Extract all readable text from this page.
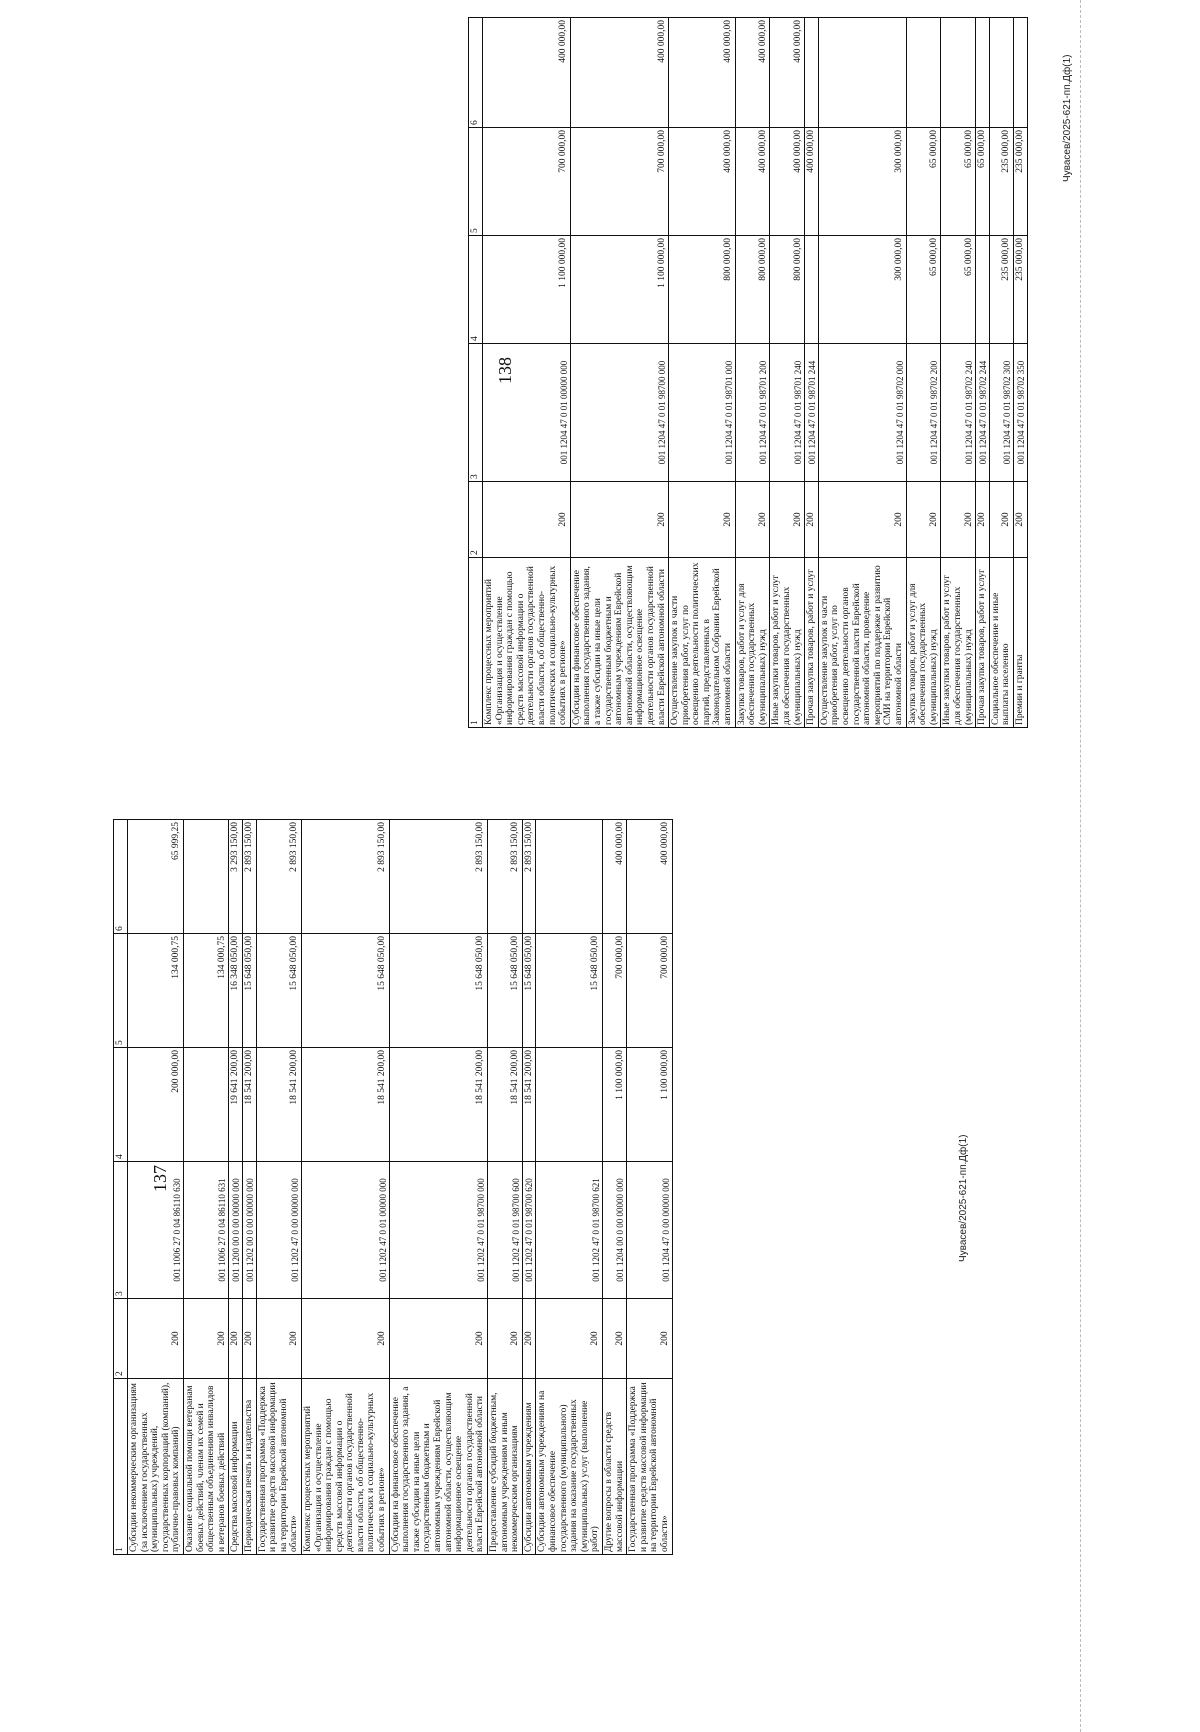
137
1	2	3	4	5	6
Субсидии некоммерческим организациям (за исключением государственных (муниципальных) учреждений, государственных корпораций (компаний), публично-правовых компаний)	200	001 1006 27 0 04 86110 630	200 000,00	134 000,75	65 999,25
Оказание социальной помощи ветеранам боевых действий, членам их семей и общественным объединениям инвалидов и ветеранов боевых действий	200	001 1006 27 0 04 86110 631		134 000,75	
Средства массовой информации	200	001 1200 00 0 00 00000 000	19 641 200,00	16 348 050,00	3 293 150,00
Периодическая печать и издательства	200	001 1202 00 0 00 00000 000	18 541 200,00	15 648 050,00	2 893 150,00
Государственная программа «Поддержка и развитие средств массовой информации на территории Еврейской автономной области»	200	001 1202 47 0 00 00000 000	18 541 200,00	15 648 050,00	2 893 150,00
Комплекс процессных мероприятий «Организация и осуществление информирования граждан с помощью средств массовой информации о деятельности органов государственной власти области, об общественно-политических и социально-культурных событиях в регионе»	200	001 1202 47 0 01 00000 000	18 541 200,00	15 648 050,00	2 893 150,00
Субсидии на финансовое обеспечение выполнения государственного задания, а также субсидии на иные цели государственным бюджетным и автономным учреждениям Еврейской автономной области, осуществляющим информационное освещение деятельности органов государственной власти Еврейской автономной области	200	001 1202 47 0 01 98700 000	18 541 200,00	15 648 050,00	2 893 150,00
Предоставление субсидий бюджетным, автономным учреждениям и иным некоммерческим организациям	200	001 1202 47 0 01 98700 600	18 541 200,00	15 648 050,00	2 893 150,00
Субсидии автономным учреждениям	200	001 1202 47 0 01 98700 620	18 541 200,00	15 648 050,00	2 893 150,00
Субсидии автономным учреждениям на финансовое обеспечение государственного (муниципального) задания на оказание государственных (муниципальных) услуг (выполнение работ)	200	001 1202 47 0 01 98700 621		15 648 050,00	
Другие вопросы в области средств массовой информации	200	001 1204 00 0 00 00000 000	1 100 000,00	700 000,00	400 000,00
Государственная программа «Поддержка и развитие средств массовой информации на территории Еврейской автономной области»	200	001 1204 47 0 00 00000 000	1 100 000,00	700 000,00	400 000,00
Чувасев/2025-621-пп.Дф(1)
138
1	2	3	4	5	6
Комплекс процессных мероприятий «Организация и осуществление информирования граждан с помощью средств массовой информации о деятельности органов государственной власти области, об общественно-политических и социально-культурных событиях в регионе»	200	001 1204 47 0 01 00000 000	1 100 000,00	700 000,00	400 000,00
Субсидии на финансовое обеспечение выполнения государственного задания, а также субсидии на иные цели государственным бюджетным и автономным учреждениям Еврейской автономной области, осуществляющим информационное освещение деятельности органов государственной власти Еврейской автономной области	200	001 1204 47 0 01 98700 000	1 100 000,00	700 000,00	400 000,00
Осуществление закупок в части приобретения работ, услуг по освещению деятельности политических партий, представленных в Законодательном Собрании Еврейской автономной области	200	001 1204 47 0 01 98701 000	800 000,00	400 000,00	400 000,00
Закупка товаров, работ и услуг для обеспечения государственных (муниципальных) нужд	200	001 1204 47 0 01 98701 200	800 000,00	400 000,00	400 000,00
Иные закупки товаров, работ и услуг для обеспечения государственных (муниципальных) нужд	200	001 1204 47 0 01 98701 240	800 000,00	400 000,00	400 000,00
Прочая закупка товаров, работ и услуг	200	001 1204 47 0 01 98701 244		400 000,00	
Осуществление закупок в части приобретения работ, услуг по освещению деятельности органов государственной власти Еврейской автономной области, проведение мероприятий по поддержке и развитию СМИ на территории Еврейской автономной области	200	001 1204 47 0 01 98702 000	300 000,00	300 000,00	
Закупка товаров, работ и услуг для обеспечения государственных (муниципальных) нужд	200	001 1204 47 0 01 98702 200	65 000,00	65 000,00	
Иные закупки товаров, работ и услуг для обеспечения государственных (муниципальных) нужд	200	001 1204 47 0 01 98702 240	65 000,00	65 000,00	
Прочая закупка товаров, работ и услуг	200	001 1204 47 0 01 98702 244		65 000,00	
Социальное обеспечение и иные выплаты населению	200	001 1204 47 0 01 98702 300	235 000,00	235 000,00	
Премии и гранты	200	001 1204 47 0 01 98702 350	235 000,00	235 000,00		Чувасев/2025-621-пп.Дф(1)
